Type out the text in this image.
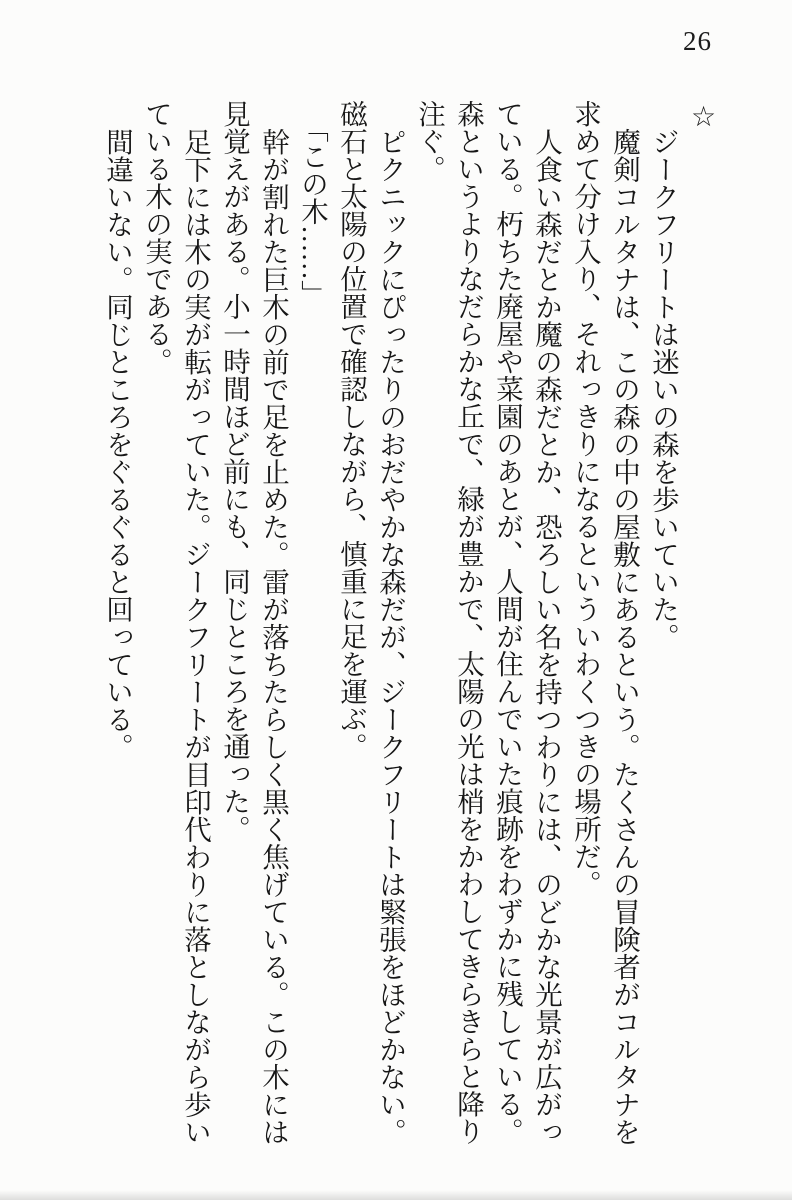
26

☆

ジークフリートは迷いの森を歩いていた。

魔剣コルタナは、この森の中の屋敷にあるという。たくさんの冒険者がコルタナを求めて分け入り、それっきりになるといういわくつきの場所だ。

人食い森だとか魔の森だとか、恐ろしい名を持つわりには、のどかな光景が広がっている。朽ちた廃屋や菜園のあとが、人間が住んでいた痕跡をわずかに残している。森というよりなだらかな丘で、緑が豊かで、太陽の光は梢をかわしてきらきらと降り注ぐ。

ピクニックにぴったりのおだやかな森だが、ジークフリートは緊張をほどかない。磁石と太陽の位置で確認しながら、慎重に足を運ぶ。

「この木……」

幹が割れた巨木の前で足を止めた。雷が落ちたらしく黒く焦げている。この木には見覚えがある。小一時間ほど前にも、同じところを通った。

足下には木の実が転がっていた。ジークフリートが目印代わりに落としながら歩いている木の実である。

間違いない。同じところをぐるぐると回っている。
